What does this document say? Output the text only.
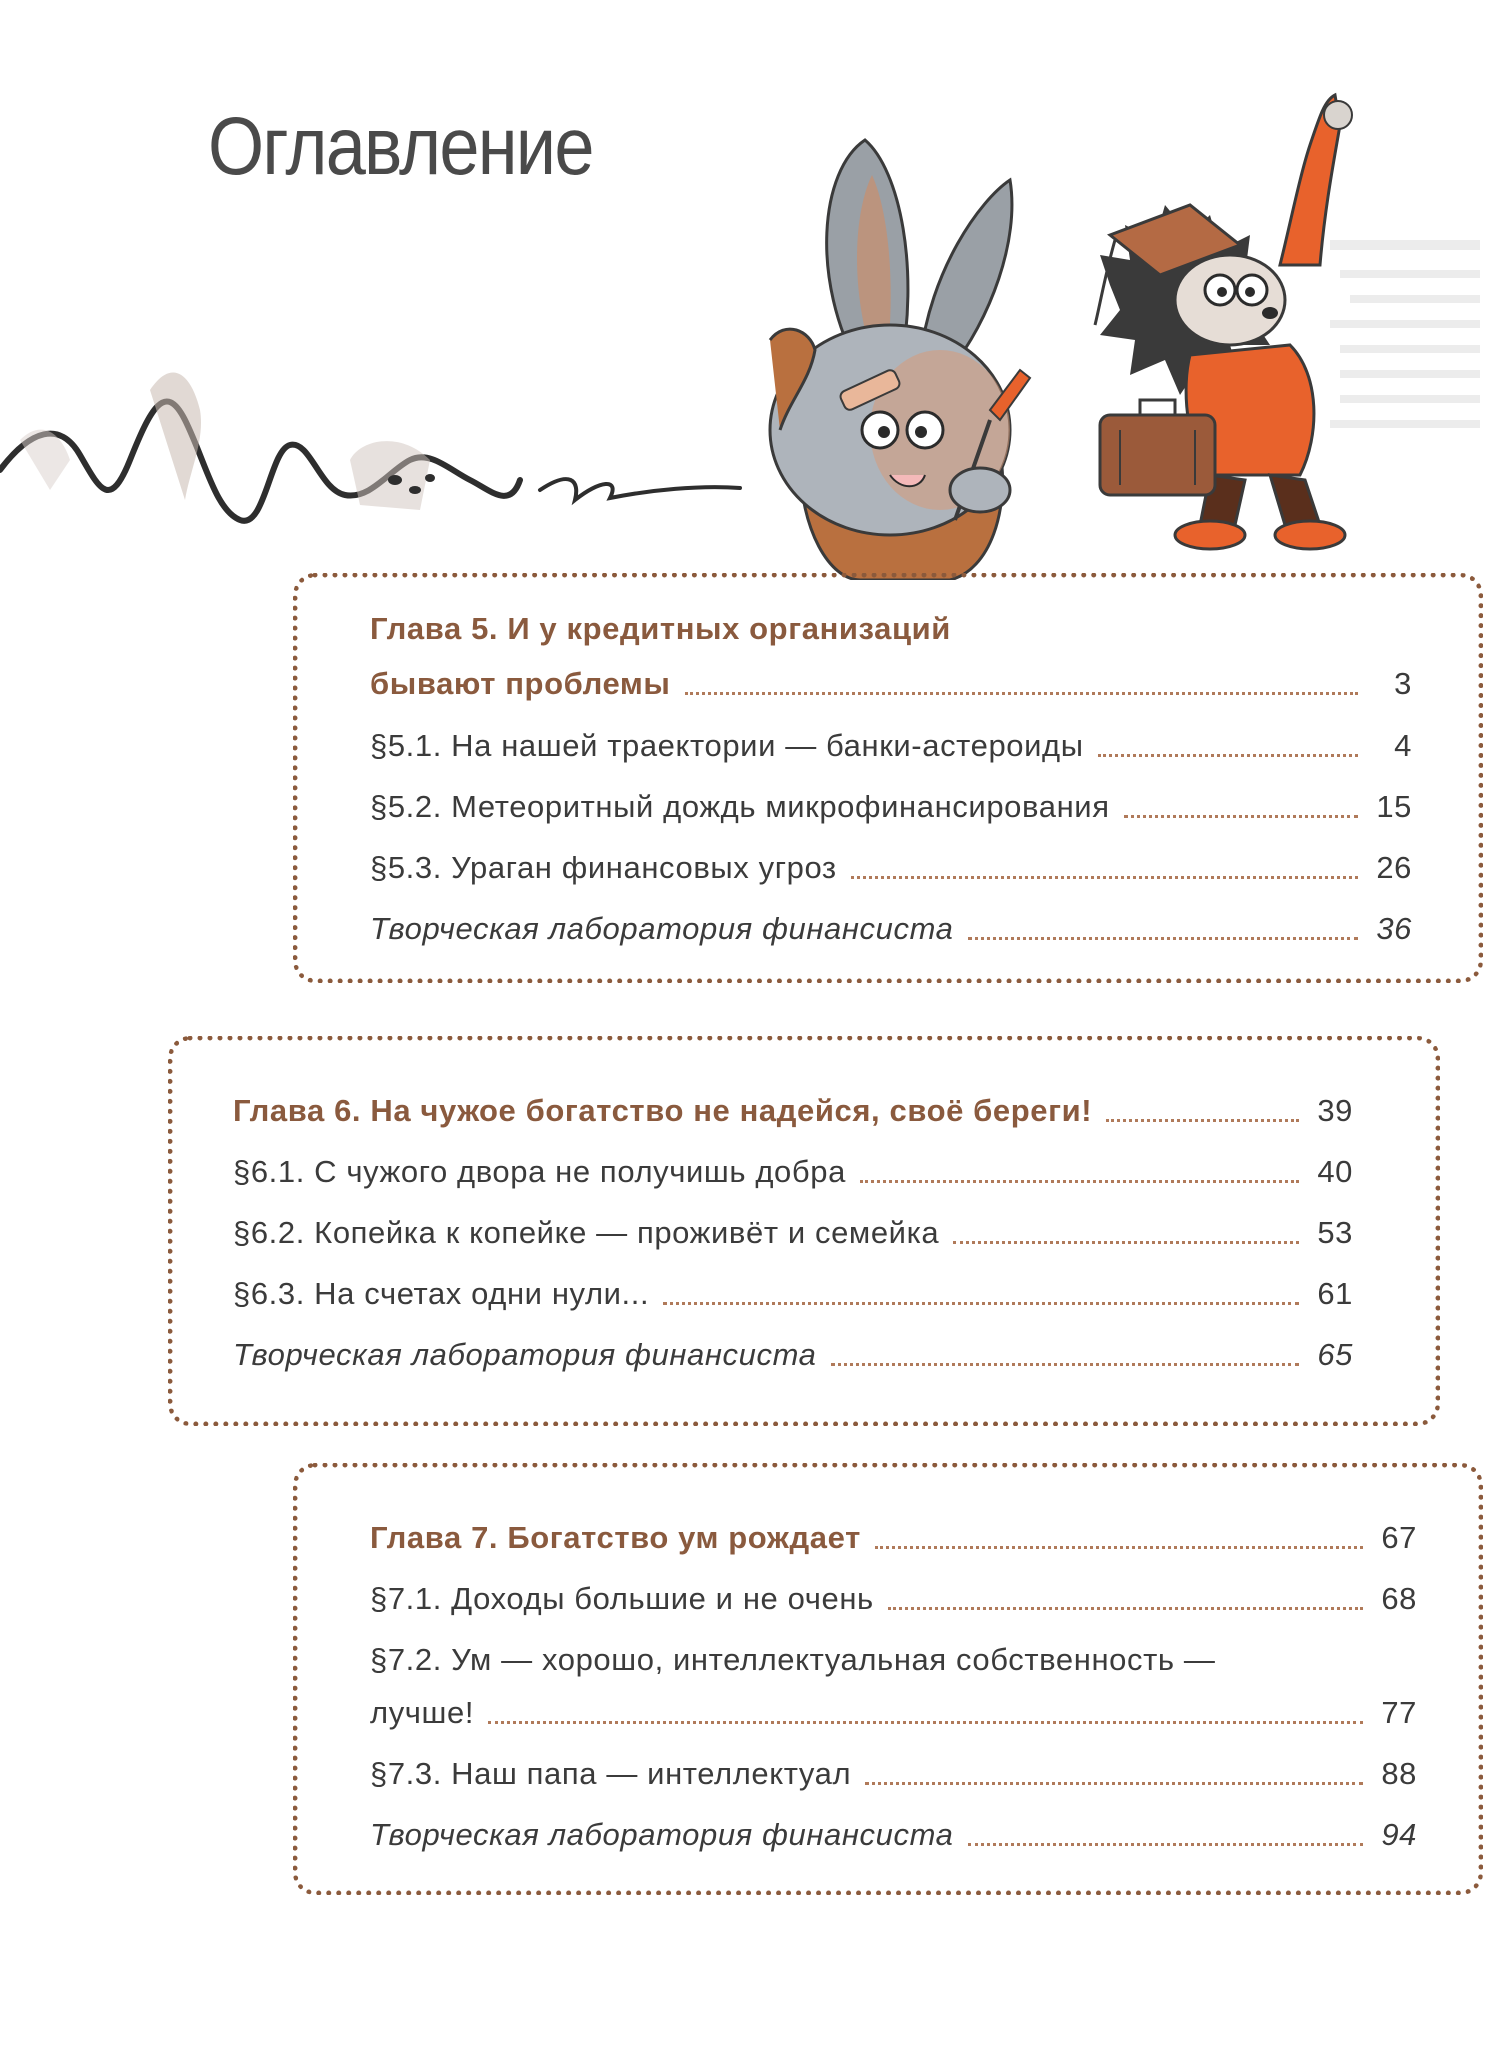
Оглавление
Глава 5. И у кредитных организаций
бывают проблемы	3
§5.1. На нашей траектории — банки-астероиды	4
§5.2. Метеоритный дождь микрофинансирования	15
§5.3. Ураган финансовых угроз	26
Творческая лаборатория финансиста	36
Глава 6. На чужое богатство не надейся, своё береги!	39
§6.1. С чужого двора не получишь добра	40
§6.2. Копейка к копейке — проживёт и семейка	53
§6.3. На счетах одни нули...	61
Творческая лаборатория финансиста	65
Глава 7. Богатство ум рождает	67
§7.1. Доходы большие и не очень	68
§7.2. Ум — хорошо, интеллектуальная собственность —
лучше!	77
§7.3. Наш папа — интеллектуал	88
Творческая лаборатория финансиста	94
